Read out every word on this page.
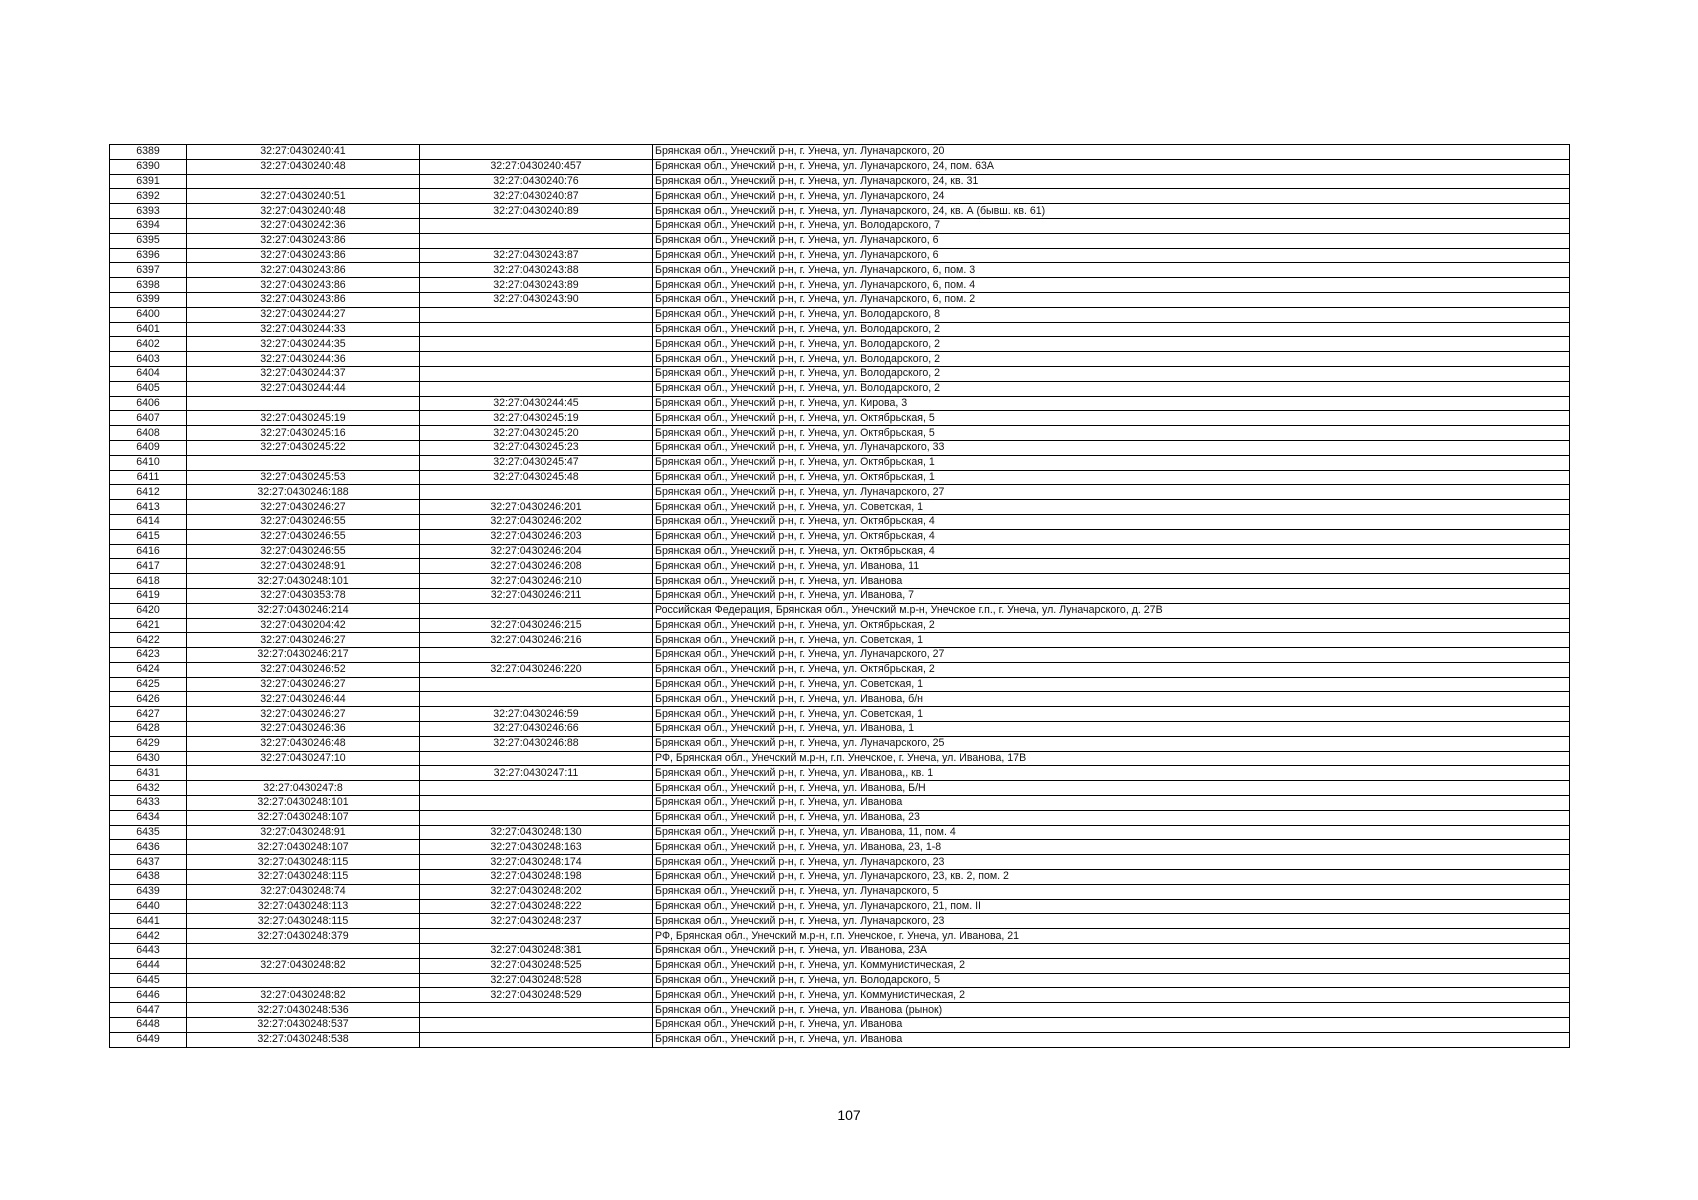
6389	32:27:0430240:41		Брянская обл., Унечский р-н, г. Унеча, ул. Луначарского, 20
6390	32:27:0430240:48	32:27:0430240:457	Брянская обл., Унечский р-н, г. Унеча, ул. Луначарского, 24, пом. 63А
6391		32:27:0430240:76	Брянская обл., Унечский р-н, г. Унеча, ул. Луначарского, 24, кв. 31
6392	32:27:0430240:51	32:27:0430240:87	Брянская обл., Унечский р-н, г. Унеча, ул. Луначарского, 24
6393	32:27:0430240:48	32:27:0430240:89	Брянская обл., Унечский р-н, г. Унеча, ул. Луначарского, 24, кв. А (бывш. кв. 61)
6394	32:27:0430242:36		Брянская обл., Унечский р-н, г. Унеча, ул. Володарского, 7
6395	32:27:0430243:86		Брянская обл., Унечский р-н, г. Унеча, ул. Луначарского, 6
6396	32:27:0430243:86	32:27:0430243:87	Брянская обл., Унечский р-н, г. Унеча, ул. Луначарского, 6
6397	32:27:0430243:86	32:27:0430243:88	Брянская обл., Унечский р-н, г. Унеча, ул. Луначарского, 6, пом. 3
6398	32:27:0430243:86	32:27:0430243:89	Брянская обл., Унечский р-н, г. Унеча, ул. Луначарского, 6, пом. 4
6399	32:27:0430243:86	32:27:0430243:90	Брянская обл., Унечский р-н, г. Унеча, ул. Луначарского, 6, пом. 2
6400	32:27:0430244:27		Брянская обл., Унечский р-н, г. Унеча, ул. Володарского, 8
6401	32:27:0430244:33		Брянская обл., Унечский р-н, г. Унеча, ул. Володарского, 2
6402	32:27:0430244:35		Брянская обл., Унечский р-н, г. Унеча, ул. Володарского, 2
6403	32:27:0430244:36		Брянская обл., Унечский р-н, г. Унеча, ул. Володарского, 2
6404	32:27:0430244:37		Брянская обл., Унечский р-н, г. Унеча, ул. Володарского, 2
6405	32:27:0430244:44		Брянская обл., Унечский р-н, г. Унеча, ул. Володарского, 2
6406		32:27:0430244:45	Брянская обл., Унечский р-н, г. Унеча, ул. Кирова, 3
6407	32:27:0430245:19	32:27:0430245:19	Брянская обл., Унечский р-н, г. Унеча, ул. Октябрьская, 5
6408	32:27:0430245:16	32:27:0430245:20	Брянская обл., Унечский р-н, г. Унеча, ул. Октябрьская, 5
6409	32:27:0430245:22	32:27:0430245:23	Брянская обл., Унечский р-н, г. Унеча, ул. Луначарского, 33
6410		32:27:0430245:47	Брянская обл., Унечский р-н, г. Унеча, ул. Октябрьская, 1
6411	32:27:0430245:53	32:27:0430245:48	Брянская обл., Унечский р-н, г. Унеча, ул. Октябрьская, 1
6412	32:27:0430246:188		Брянская обл., Унечский р-н, г. Унеча, ул. Луначарского, 27
6413	32:27:0430246:27	32:27:0430246:201	Брянская обл., Унечский р-н, г. Унеча, ул. Советская, 1
6414	32:27:0430246:55	32:27:0430246:202	Брянская обл., Унечский р-н, г. Унеча, ул. Октябрьская, 4
6415	32:27:0430246:55	32:27:0430246:203	Брянская обл., Унечский р-н, г. Унеча, ул. Октябрьская, 4
6416	32:27:0430246:55	32:27:0430246:204	Брянская обл., Унечский р-н, г. Унеча, ул. Октябрьская, 4
6417	32:27:0430248:91	32:27:0430246:208	Брянская обл., Унечский р-н, г. Унеча, ул. Иванова, 11
6418	32:27:0430248:101	32:27:0430246:210	Брянская обл., Унечский р-н, г. Унеча, ул. Иванова
6419	32:27:0430353:78	32:27:0430246:211	Брянская обл., Унечский р-н, г. Унеча, ул. Иванова, 7
6420	32:27:0430246:214		Российская Федерация, Брянская обл., Унечский м.р-н, Унечское г.п., г. Унеча, ул. Луначарского, д. 27В
6421	32:27:0430204:42	32:27:0430246:215	Брянская обл., Унечский р-н, г. Унеча, ул. Октябрьская, 2
6422	32:27:0430246:27	32:27:0430246:216	Брянская обл., Унечский р-н, г. Унеча, ул. Советская, 1
6423	32:27:0430246:217		Брянская обл., Унечский р-н, г. Унеча, ул. Луначарского, 27
6424	32:27:0430246:52	32:27:0430246:220	Брянская обл., Унечский р-н, г. Унеча, ул. Октябрьская, 2
6425	32:27:0430246:27		Брянская обл., Унечский р-н, г. Унеча, ул. Советская, 1
6426	32:27:0430246:44		Брянская обл., Унечский р-н, г. Унеча, ул. Иванова, б/н
6427	32:27:0430246:27	32:27:0430246:59	Брянская обл., Унечский р-н, г. Унеча, ул. Советская, 1
6428	32:27:0430246:36	32:27:0430246:66	Брянская обл., Унечский р-н, г. Унеча, ул. Иванова, 1
6429	32:27:0430246:48	32:27:0430246:88	Брянская обл., Унечский р-н, г. Унеча, ул. Луначарского, 25
6430	32:27:0430247:10		РФ, Брянская обл., Унечский м.р-н, г.п. Унечское, г. Унеча, ул. Иванова, 17В
6431		32:27:0430247:11	Брянская обл., Унечский р-н, г. Унеча, ул. Иванова,, кв. 1
6432	32:27:0430247:8		Брянская обл., Унечский р-н, г. Унеча, ул. Иванова, Б/Н
6433	32:27:0430248:101		Брянская обл., Унечский р-н, г. Унеча, ул. Иванова
6434	32:27:0430248:107		Брянская обл., Унечский р-н, г. Унеча, ул. Иванова, 23
6435	32:27:0430248:91	32:27:0430248:130	Брянская обл., Унечский р-н, г. Унеча, ул. Иванова, 11, пом. 4
6436	32:27:0430248:107	32:27:0430248:163	Брянская обл., Унечский р-н, г. Унеча, ул. Иванова, 23, 1-8
6437	32:27:0430248:115	32:27:0430248:174	Брянская обл., Унечский р-н, г. Унеча, ул. Луначарского, 23
6438	32:27:0430248:115	32:27:0430248:198	Брянская обл., Унечский р-н, г. Унеча, ул. Луначарского, 23, кв. 2, пом. 2
6439	32:27:0430248:74	32:27:0430248:202	Брянская обл., Унечский р-н, г. Унеча, ул. Луначарского, 5
6440	32:27:0430248:113	32:27:0430248:222	Брянская обл., Унечский р-н, г. Унеча, ул. Луначарского, 21, пом. II
6441	32:27:0430248:115	32:27:0430248:237	Брянская обл., Унечский р-н, г. Унеча, ул. Луначарского, 23
6442	32:27:0430248:379		РФ, Брянская обл., Унечский м.р-н, г.п. Унечское, г. Унеча, ул. Иванова, 21
6443		32:27:0430248:381	Брянская обл., Унечский р-н, г. Унеча, ул. Иванова, 23А
6444	32:27:0430248:82	32:27:0430248:525	Брянская обл., Унечский р-н, г. Унеча, ул. Коммунистическая, 2
6445		32:27:0430248:528	Брянская обл., Унечский р-н, г. Унеча, ул. Володарского, 5
6446	32:27:0430248:82	32:27:0430248:529	Брянская обл., Унечский р-н, г. Унеча, ул. Коммунистическая, 2
6447	32:27:0430248:536		Брянская обл., Унечский р-н, г. Унеча, ул. Иванова (рынок)
6448	32:27:0430248:537		Брянская обл., Унечский р-н, г. Унеча, ул. Иванова
6449	32:27:0430248:538		Брянская обл., Унечский р-н, г. Унеча, ул. Иванова
107
